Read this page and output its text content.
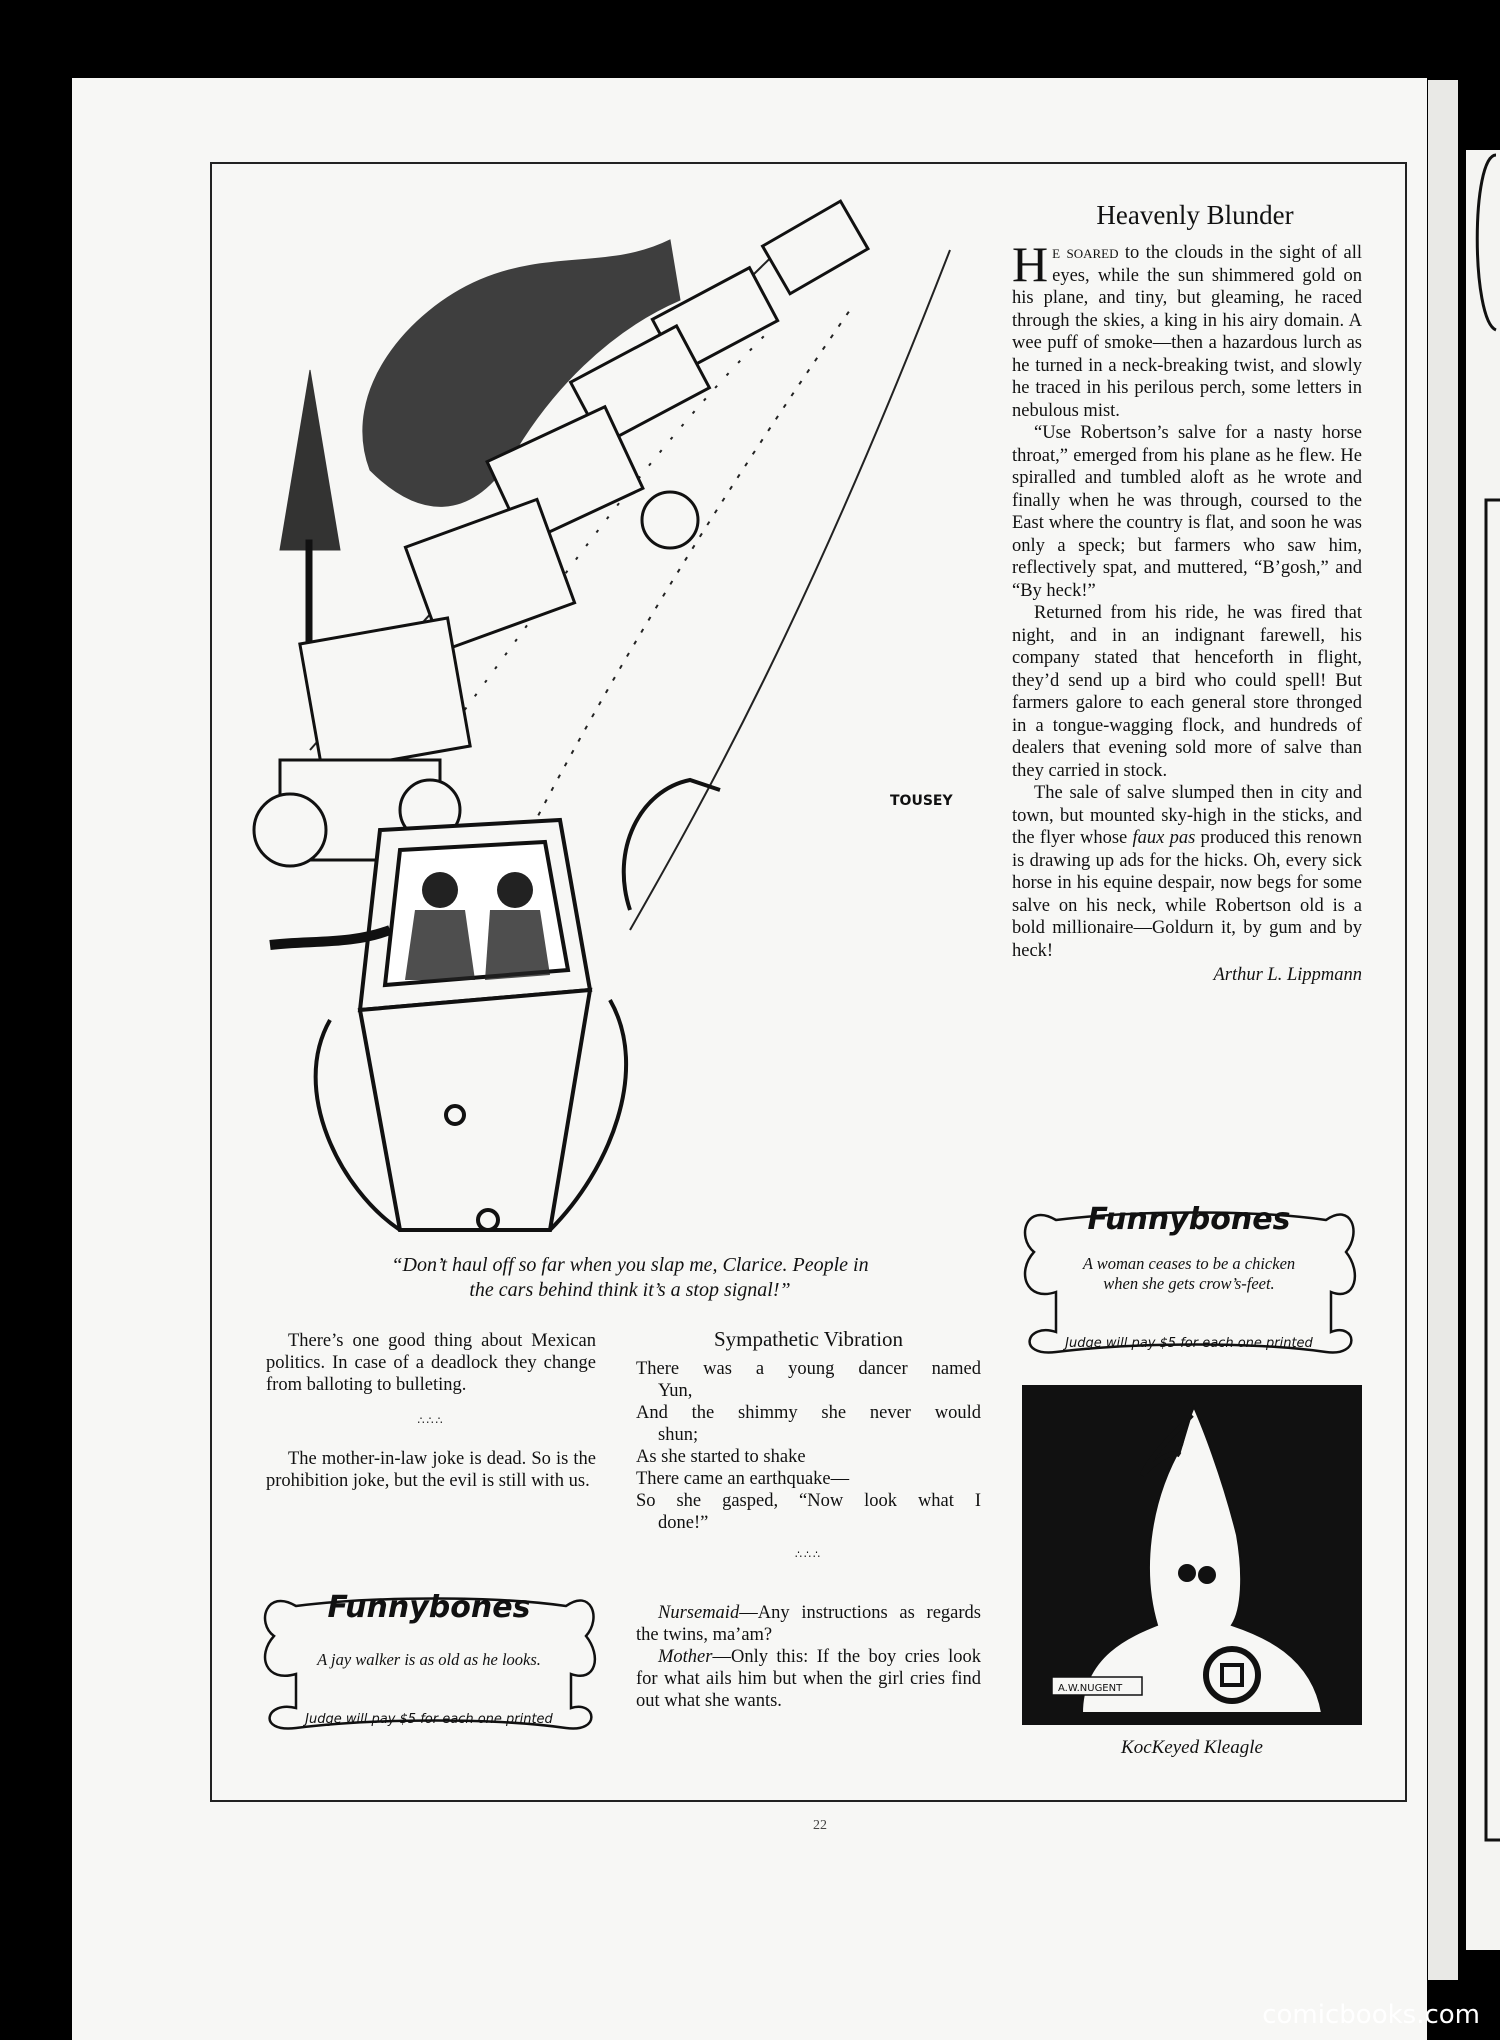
TOUSEY
“Don’t haul off so far when you slap me, Clarice. People in
the cars behind think it’s a stop signal!”
Heavenly Blunder

He soared to the clouds in the sight of all eyes, while the sun shimmered gold on his plane, and tiny, but gleaming, he raced through the skies, a king in his airy domain. A wee puff of smoke—then a hazardous lurch as he turned in a neck-breaking twist, and slowly he traced in his perilous perch, some letters in nebulous mist.

“Use Robertson’s salve for a nasty horse throat,” emerged from his plane as he flew. He spiralled and tumbled aloft as he wrote and finally when he was through, coursed to the East where the country is flat, and soon he was only a speck; but farmers who saw him, reflectively spat, and muttered, “B’gosh,” and “By heck!”

Returned from his ride, he was fired that night, and in an indignant farewell, his company stated that henceforth in flight, they’d send up a bird who could spell! But farmers galore to each general store thronged in a tongue-wagging flock, and hundreds of dealers that evening sold more of salve than they carried in stock.

The sale of salve slumped then in city and town, but mounted sky-high in the sticks, and the flyer whose faux pas produced this renown is drawing up ads for the hicks. Oh, every sick horse in his equine despair, now begs for some salve on his neck, while Robertson old is a bold millionaire—Goldurn it, by gum and by heck!

Arthur L. Lippmann
Funnybones
A woman ceases to be a chicken
when she gets crow’s-feet.
Judge will pay $5 for each one printed

There’s one good thing about Mexican politics. In case of a deadlock they change from balloting to bulleting.

∴∴∴

The mother-in-law joke is dead. So is the prohibition joke, but the evil is still with us.

Funnybones
A jay walker is as old as he looks.
Judge will pay $5 for each one printed
Sympathetic Vibration
There was a young dancer named
Yun,
And the shimmy she never would
shun;
As she started to shake
There came an earthquake—
So she gasped, “Now look what I
done!”
∴∴∴

Nursemaid—Any instructions as regards the twins, ma’am?

Mother—Only this: If the boy cries look for what ails him but when the girl cries find out what she wants.

A.W.NUGENT
KocKeyed Kleagle
22
comicbooks.com
